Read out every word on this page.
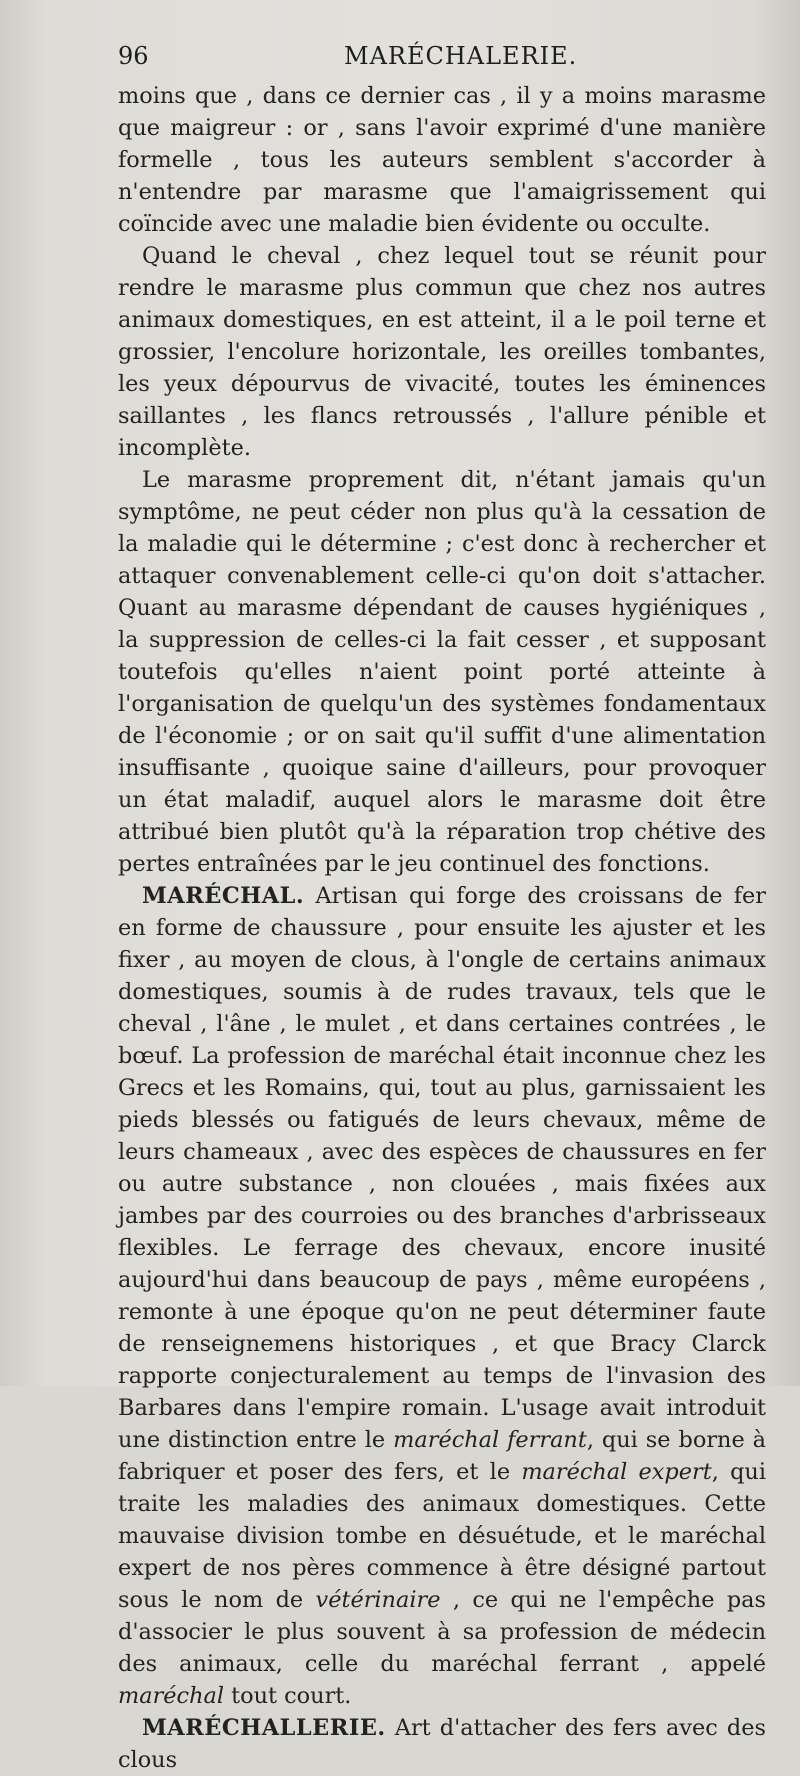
96	MARÉCHALERIE.

moins que , dans ce dernier cas , il y a moins marasme que maigreur : or , sans l'avoir exprimé d'une manière formelle , tous les auteurs semblent s'accorder à n'entendre par marasme que l'amaigrissement qui coïncide avec une maladie bien évidente ou occulte.

Quand le cheval , chez lequel tout se réunit pour rendre le marasme plus commun que chez nos autres animaux domestiques, en est atteint, il a le poil terne et grossier, l'encolure horizontale, les oreilles tombantes, les yeux dépourvus de vivacité, toutes les éminences saillantes , les flancs retroussés , l'allure pénible et incomplète.

Le marasme proprement dit, n'étant jamais qu'un symptôme, ne peut céder non plus qu'à la cessation de la maladie qui le détermine ; c'est donc à rechercher et attaquer convenablement celle-ci qu'on doit s'attacher. Quant au marasme dépendant de causes hygiéniques , la suppression de celles-ci la fait cesser , et supposant toutefois qu'elles n'aient point porté atteinte à l'organisation de quelqu'un des systèmes fondamentaux de l'économie ; or on sait qu'il suffit d'une alimentation insuffisante , quoique saine d'ailleurs, pour provoquer un état maladif, auquel alors le marasme doit être attribué bien plutôt qu'à la réparation trop chétive des pertes entraînées par le jeu continuel des fonctions.

MARÉCHAL. Artisan qui forge des croissans de fer en forme de chaussure , pour ensuite les ajuster et les fixer , au moyen de clous, à l'ongle de certains animaux domestiques, soumis à de rudes travaux, tels que le cheval , l'âne , le mulet , et dans certaines contrées , le bœuf. La profession de maréchal était inconnue chez les Grecs et les Romains, qui, tout au plus, garnissaient les pieds blessés ou fatigués de leurs chevaux, même de leurs chameaux , avec des espèces de chaussures en fer ou autre substance , non clouées , mais fixées aux jambes par des courroies ou des branches d'arbrisseaux flexibles. Le ferrage des chevaux, encore inusité aujourd'hui dans beaucoup de pays , même européens , remonte à une époque qu'on ne peut déterminer faute de renseignemens historiques , et que Bracy Clarck rapporte conjecturalement au temps de l'invasion des Barbares dans l'empire romain. L'usage avait introduit une distinction entre le maréchal ferrant, qui se borne à fabriquer et poser des fers, et le maréchal expert, qui traite les maladies des animaux domestiques. Cette mauvaise division tombe en désuétude, et le maréchal expert de nos pères commence à être désigné partout sous le nom de vétérinaire , ce qui ne l'empêche pas d'associer le plus souvent à sa profession de médecin des animaux, celle du maréchal ferrant , appelé maréchal tout court.

MARÉCHALLERIE. Art d'attacher des fers avec des clous
